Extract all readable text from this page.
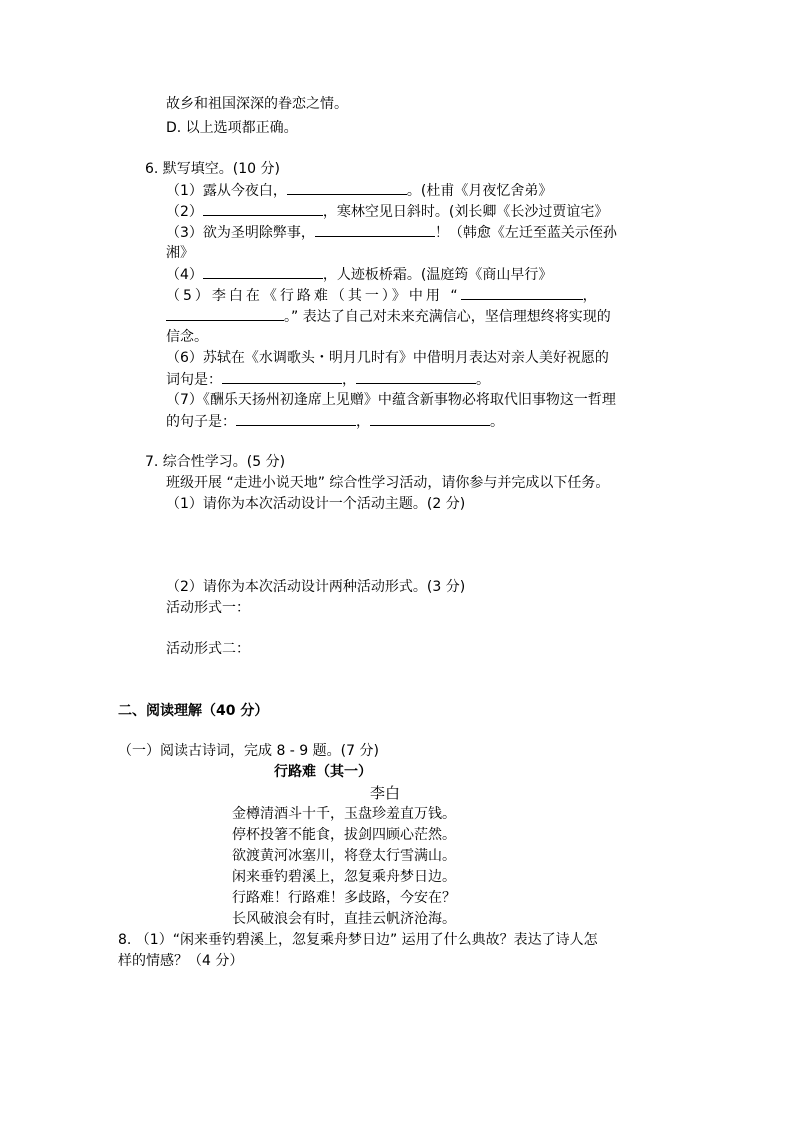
故乡和祖国深深的眷恋之情。
D. 以上选项都正确。
6. 默写填空。(10 分)
（1）露从今夜白，	。(杜甫《月夜忆舍弟》
（2）	，寒林空见日斜时。(刘长卿《长沙过贾谊宅》
（3）欲为圣明除弊事，	！（韩愈《左迁至蓝关示侄孙
湘》
（4）	，人迹板桥霜。(温庭筠《商山早行》
（5）李白在《行路难（其一）》中用 “	，
。” 表达了自己对未来充满信心，坚信理想终将实现的
信念。
（6）苏轼在《水调歌头・明月几时有》中借明月表达对亲人美好祝愿的
词句是：	，	。
（7）《酬乐天扬州初逢席上见赠》中蕴含新事物必将取代旧事物这一哲理
的句子是：	，	。
7. 综合性学习。(5 分)
班级开展 “走进小说天地” 综合性学习活动，请你参与并完成以下任务。
（1）请你为本次活动设计一个活动主题。(2 分)
（2）请你为本次活动设计两种活动形式。(3 分)
活动形式一：
活动形式二：
二、阅读理解（40 分）
（一）阅读古诗词，完成 8 - 9 题。(7 分)
行路难（其一）
李白
金樽清酒斗十千，玉盘珍羞直万钱。
停杯投箸不能食，拔剑四顾心茫然。
欲渡黄河冰塞川，将登太行雪满山。
闲来垂钓碧溪上，忽复乘舟梦日边。
行路难！行路难！多歧路，今安在？
长风破浪会有时，直挂云帆济沧海。
8. （1）“闲来垂钓碧溪上，忽复乘舟梦日边” 运用了什么典故？表达了诗人怎
样的情感？（4 分）
